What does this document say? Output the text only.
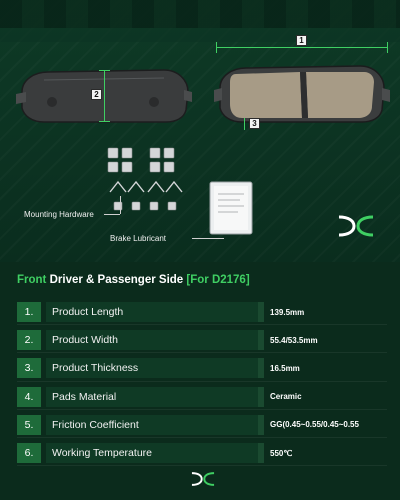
2
1
3
Mounting Hardware
Brake Lubricant
Front Driver & Passenger Side [For D2176]
1.	Product Length	139.5mm
2.	Product Width	55.4/53.5mm
3.	Product Thickness	16.5mm
4.	Pads Material	Ceramic
5.	Friction Coefficient	GG(0.45~0.55/0.45~0.55
6.	Working Temperature	550℃
